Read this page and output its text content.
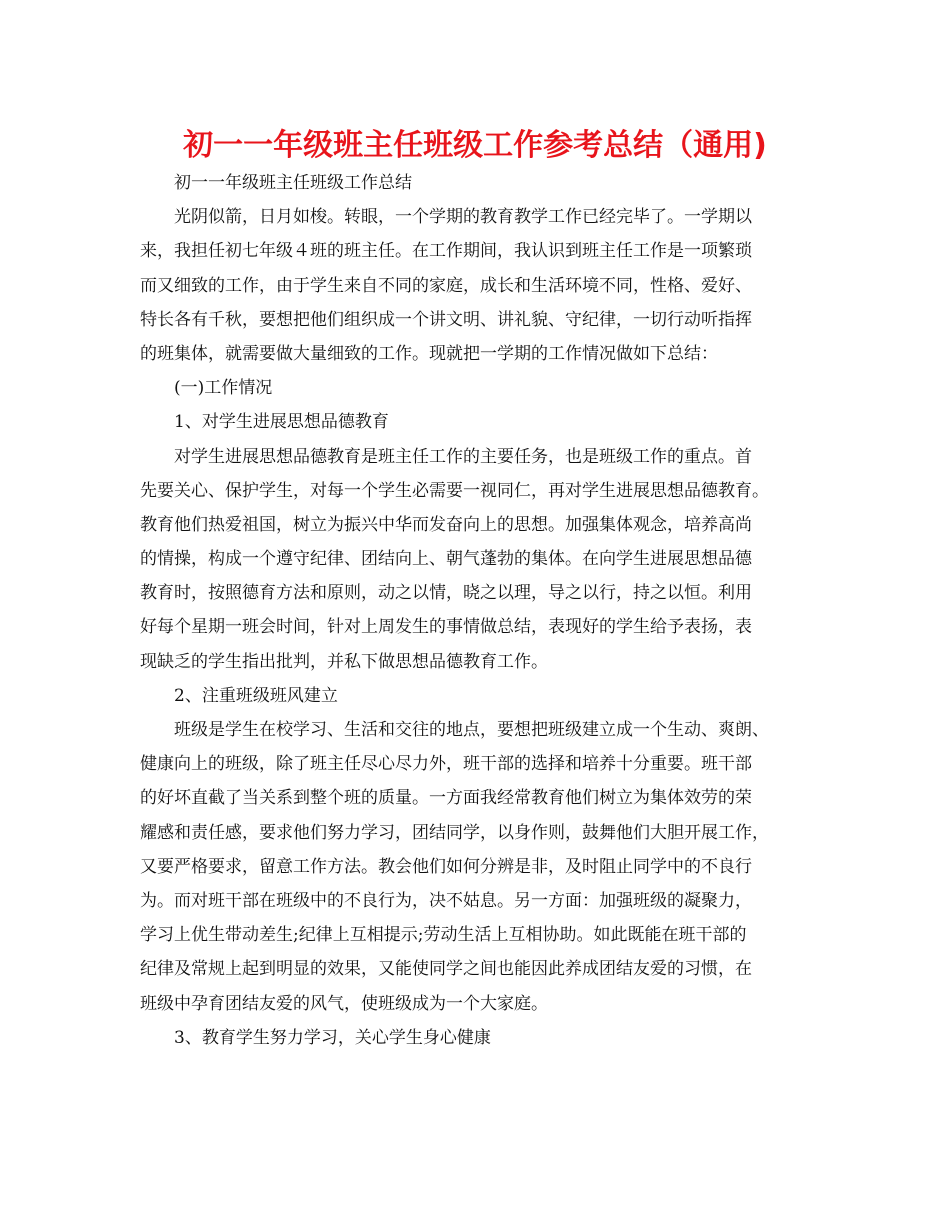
初一一年级班主任班级工作参考总结（通用)
初一一年级班主任班级工作总结
光阴似箭，日月如梭。转眼，一个学期的教育教学工作已经完毕了。一学期以
来，我担任初七年级４班的班主任。在工作期间，我认识到班主任工作是一项繁琐
而又细致的工作，由于学生来自不同的家庭，成长和生活环境不同，性格、爱好、
特长各有千秋，要想把他们组织成一个讲文明、讲礼貌、守纪律，一切行动听指挥
的班集体，就需要做大量细致的工作。现就把一学期的工作情况做如下总结：
(一)工作情况
1、对学生进展思想品德教育
对学生进展思想品德教育是班主任工作的主要任务，也是班级工作的重点。首
先要关心、保护学生，对每一个学生必需要一视同仁，再对学生进展思想品德教育。
教育他们热爱祖国，树立为振兴中华而发奋向上的思想。加强集体观念，培养高尚
的情操，构成一个遵守纪律、团结向上、朝气蓬勃的集体。在向学生进展思想品德
教育时，按照德育方法和原则，动之以情，晓之以理，导之以行，持之以恒。利用
好每个星期一班会时间，针对上周发生的事情做总结，表现好的学生给予表扬，表
现缺乏的学生指出批判，并私下做思想品德教育工作。
2、注重班级班风建立
班级是学生在校学习、生活和交往的地点，要想把班级建立成一个生动、爽朗、
健康向上的班级，除了班主任尽心尽力外，班干部的选择和培养十分重要。班干部
的好坏直截了当关系到整个班的质量。一方面我经常教育他们树立为集体效劳的荣
耀感和责任感，要求他们努力学习，团结同学，以身作则，鼓舞他们大胆开展工作，
又要严格要求，留意工作方法。教会他们如何分辨是非，及时阻止同学中的不良行
为。而对班干部在班级中的不良行为，决不姑息。另一方面：加强班级的凝聚力，
学习上优生带动差生;纪律上互相提示;劳动生活上互相协助。如此既能在班干部的
纪律及常规上起到明显的效果，又能使同学之间也能因此养成团结友爱的习惯，在
班级中孕育团结友爱的风气，使班级成为一个大家庭。
3、教育学生努力学习，关心学生身心健康
